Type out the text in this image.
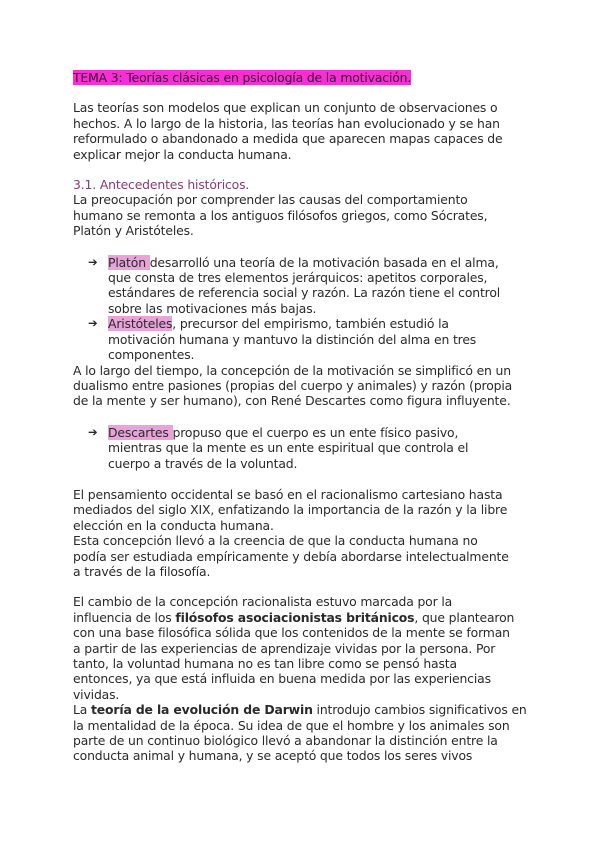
TEMA 3: Teorías clásicas en psicología de la motivación.
Las teorías son modelos que explican un conjunto de observaciones o
hechos. A lo largo de la historia, las teorías han evolucionado y se han
reformulado o abandonado a medida que aparecen mapas capaces de
explicar mejor la conducta humana.
3.1. Antecedentes históricos.
La preocupación por comprender las causas del comportamiento
humano se remonta a los antiguos filósofos griegos, como Sócrates,
Platón y Aristóteles.
➔ Platón desarrolló una teoría de la motivación basada en el alma,
que consta de tres elementos jerárquicos: apetitos corporales,
estándares de referencia social y razón. La razón tiene el control
sobre las motivaciones más bajas.
➔ Aristóteles, precursor del empirismo, también estudió la
motivación humana y mantuvo la distinción del alma en tres
componentes.
A lo largo del tiempo, la concepción de la motivación se simplificó en un
dualismo entre pasiones (propias del cuerpo y animales) y razón (propia
de la mente y ser humano), con René Descartes como figura influyente.
➔ Descartes propuso que el cuerpo es un ente físico pasivo,
mientras que la mente es un ente espiritual que controla el
cuerpo a través de la voluntad.
El pensamiento occidental se basó en el racionalismo cartesiano hasta
mediados del siglo XIX, enfatizando la importancia de la razón y la libre
elección en la conducta humana.
Esta concepción llevó a la creencia de que la conducta humana no
podía ser estudiada empíricamente y debía abordarse intelectualmente
a través de la filosofía.
El cambio de la concepción racionalista estuvo marcada por la
influencia de los filósofos asociacionistas británicos, que plantearon
con una base filosófica sólida que los contenidos de la mente se forman
a partir de las experiencias de aprendizaje vividas por la persona. Por
tanto, la voluntad humana no es tan libre como se pensó hasta
entonces, ya que está influida en buena medida por las experiencias
vividas.
La teoría de la evolución de Darwin introdujo cambios significativos en
la mentalidad de la época. Su idea de que el hombre y los animales son
parte de un continuo biológico llevó a abandonar la distinción entre la
conducta animal y humana, y se aceptó que todos los seres vivos
